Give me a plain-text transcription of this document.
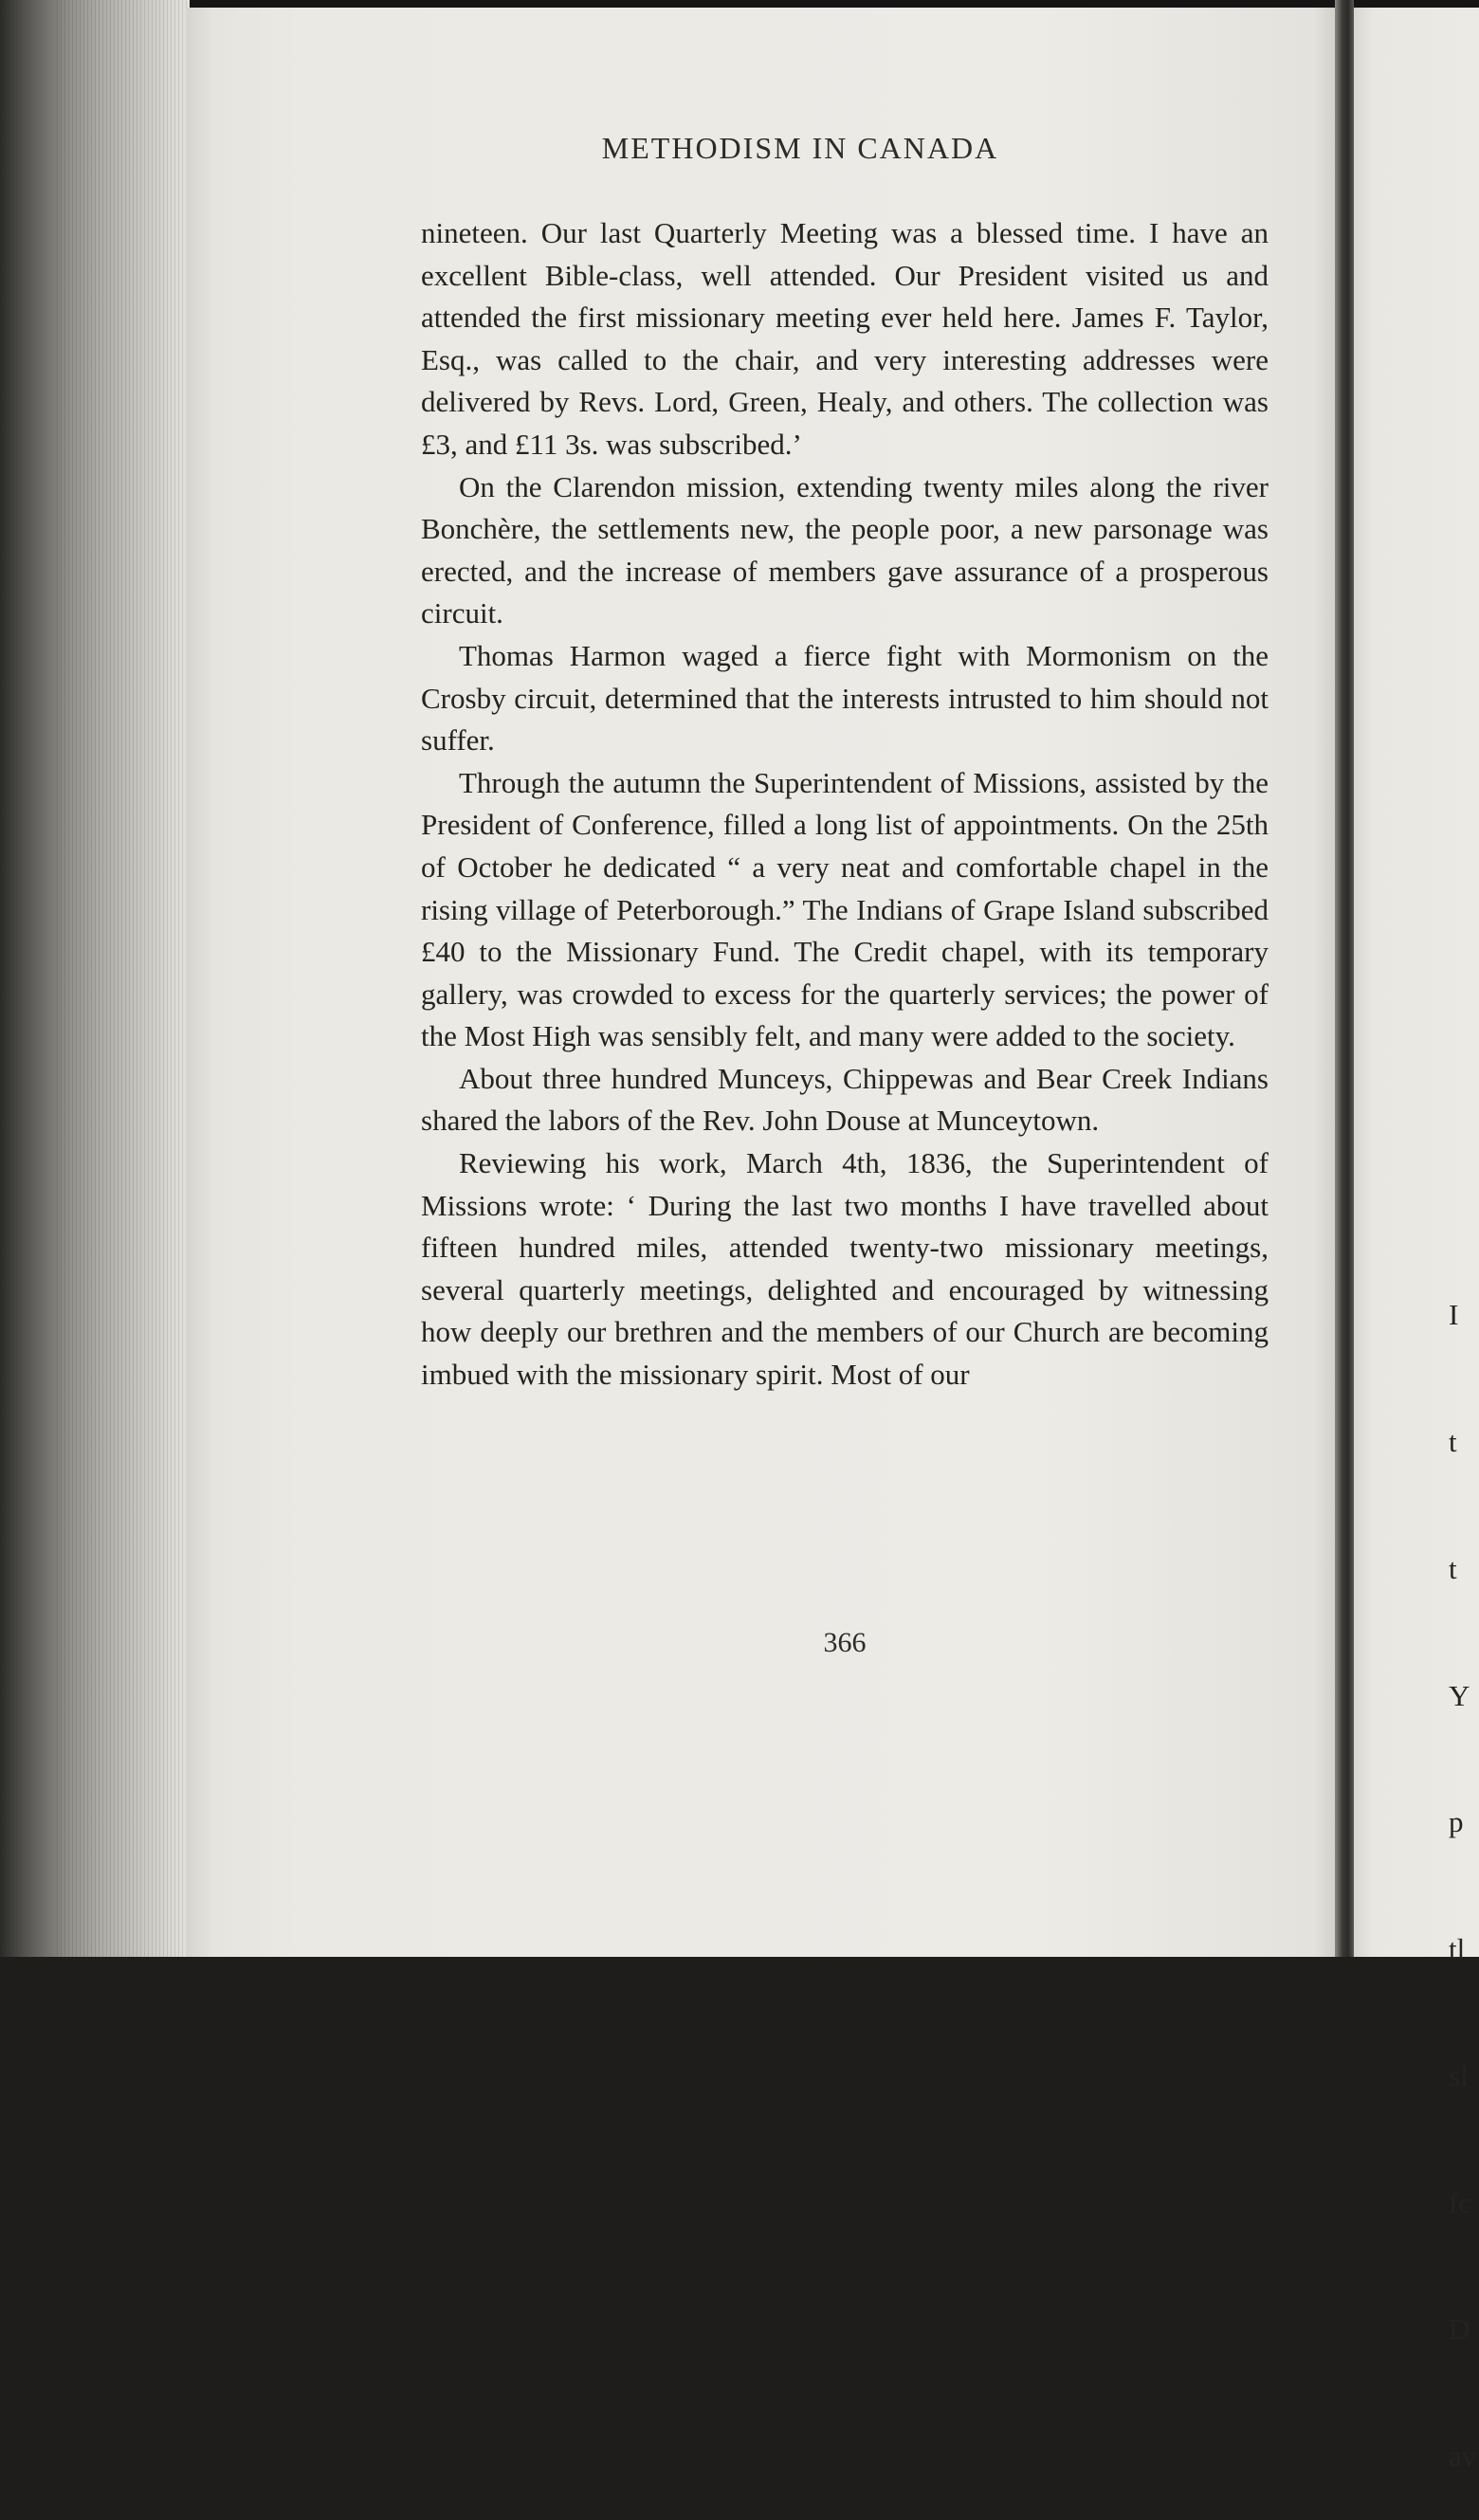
METHODISM IN CANADA

nineteen. Our last Quarterly Meeting was a blessed time. I have an excellent Bible-class, well attended. Our President visited us and attended the first missionary meeting ever held here. James F. Taylor, Esq., was called to the chair, and very interesting addresses were delivered by Revs. Lord, Green, Healy, and others. The collection was £3, and £11 3s. was subscribed.’

On the Clarendon mission, extending twenty miles along the river Bonchère, the settlements new, the people poor, a new parsonage was erected, and the increase of members gave assurance of a prosperous circuit.

Thomas Harmon waged a fierce fight with Mormonism on the Crosby circuit, determined that the interests intrusted to him should not suffer.

Through the autumn the Superintendent of Missions, assisted by the President of Conference, filled a long list of appointments. On the 25th of October he dedicated “ a very neat and comfortable chapel in the rising village of Peterborough.” The Indians of Grape Island subscribed £40 to the Missionary Fund. The Credit chapel, with its temporary gallery, was crowded to excess for the quarterly services; the power of the Most High was sensibly felt, and many were added to the society.

About three hundred Munceys, Chippewas and Bear Creek Indians shared the labors of the Rev. John Douse at Munceytown.

Reviewing his work, March 4th, 1836, the Superintendent of Missions wrote: ‘ During the last two months I have travelled about fifteen hundred miles, attended twenty-two missionary meetings, several quarterly meetings, delighted and encouraged by witnessing how deeply our brethren and the members of our Church are becoming imbued with the missionary spirit. Most of our

366

I

t

t

Y

p

tl

sl

fc

D

av
